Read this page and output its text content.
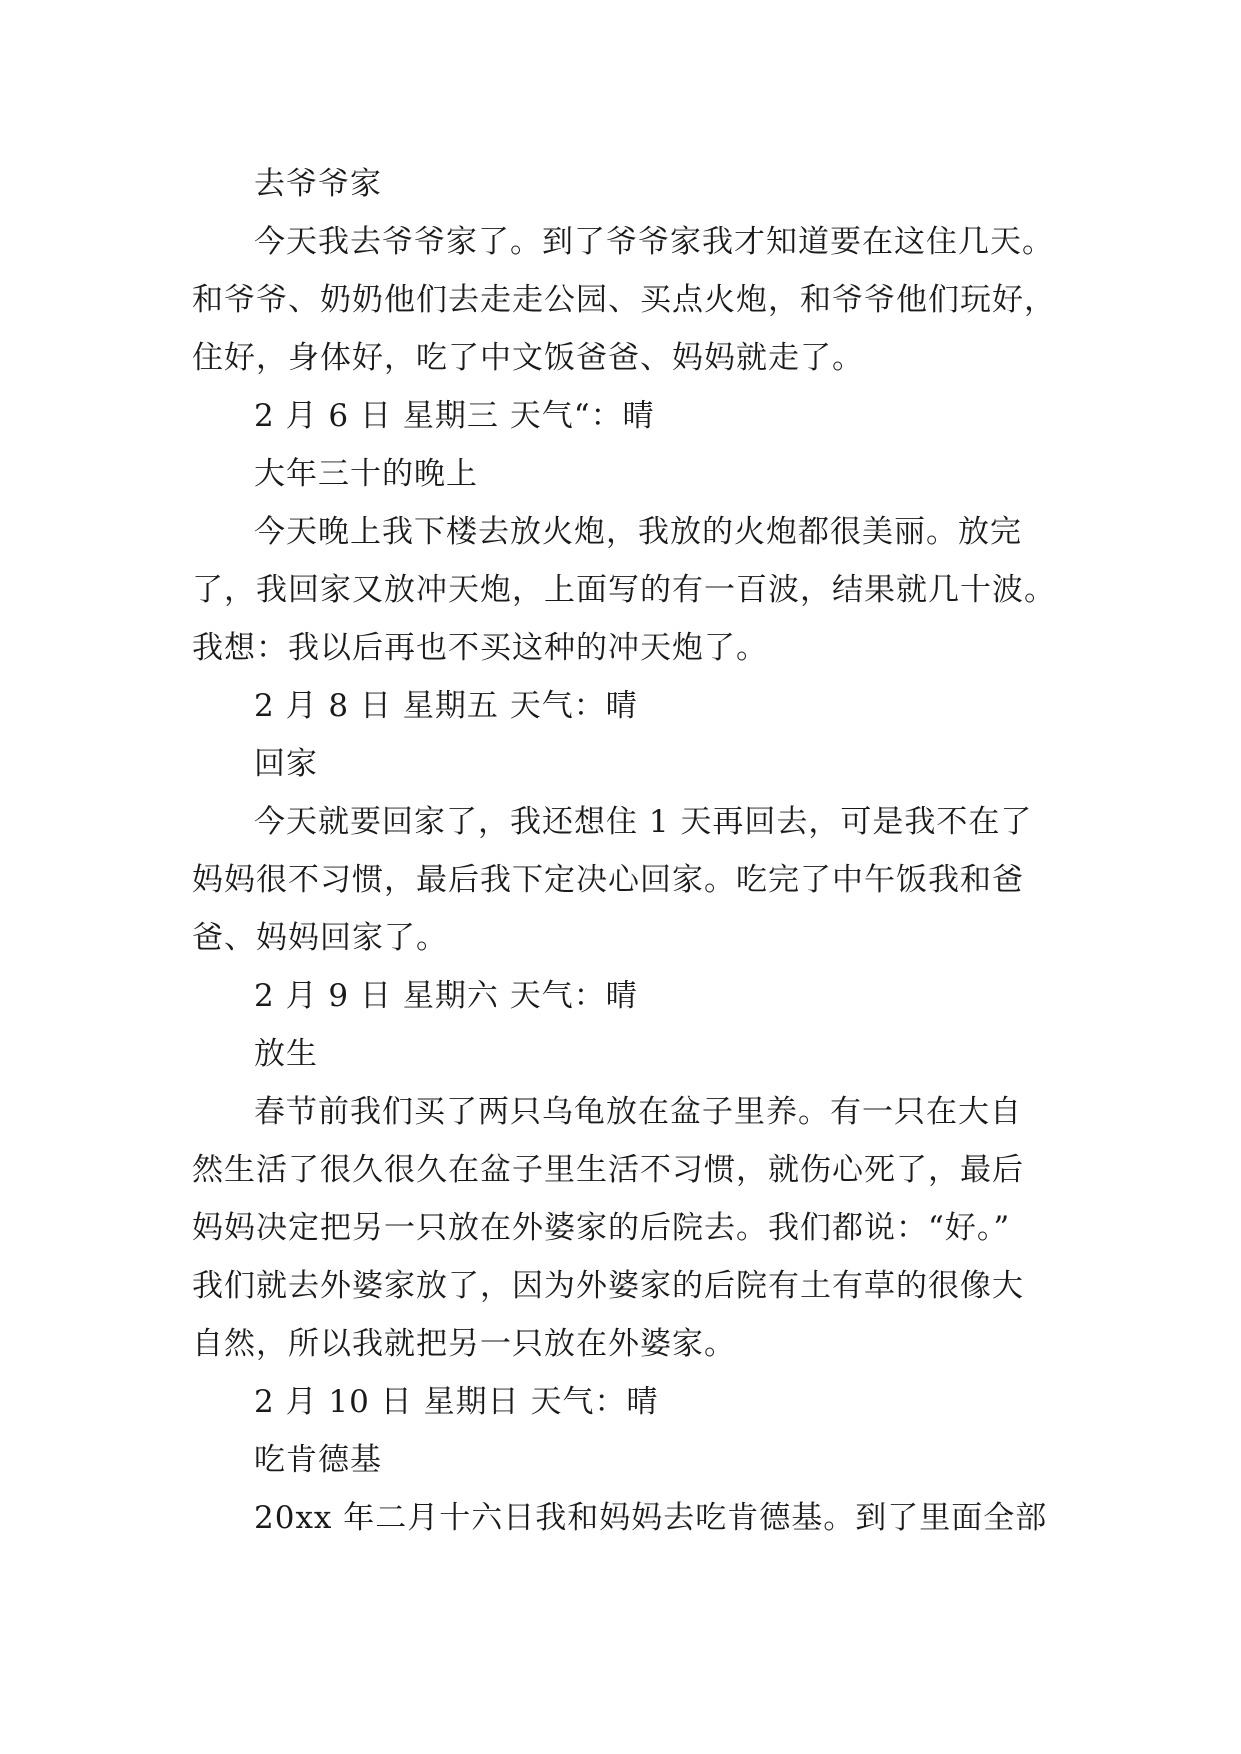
去爷爷家
今天我去爷爷家了。到了爷爷家我才知道要在这住几天。
和爷爷、奶奶他们去走走公园、买点火炮，和爷爷他们玩好，
住好，身体好，吃了中文饭爸爸、妈妈就走了。
2 月 6 日 星期三 天气“：晴
大年三十的晚上
今天晚上我下楼去放火炮，我放的火炮都很美丽。放完
了，我回家又放冲天炮，上面写的有一百波，结果就几十波。
我想：我以后再也不买这种的冲天炮了。
2 月 8 日 星期五 天气：晴
回家
今天就要回家了，我还想住 1 天再回去，可是我不在了
妈妈很不习惯，最后我下定决心回家。吃完了中午饭我和爸
爸、妈妈回家了。
2 月 9 日 星期六 天气：晴
放生
春节前我们买了两只乌龟放在盆子里养。有一只在大自
然生活了很久很久在盆子里生活不习惯，就伤心死了，最后
妈妈决定把另一只放在外婆家的后院去。我们都说：“好。”
我们就去外婆家放了，因为外婆家的后院有土有草的很像大
自然，所以我就把另一只放在外婆家。
2 月 10 日 星期日 天气：晴
吃肯德基
20xx 年二月十六日我和妈妈去吃肯德基。到了里面全部
